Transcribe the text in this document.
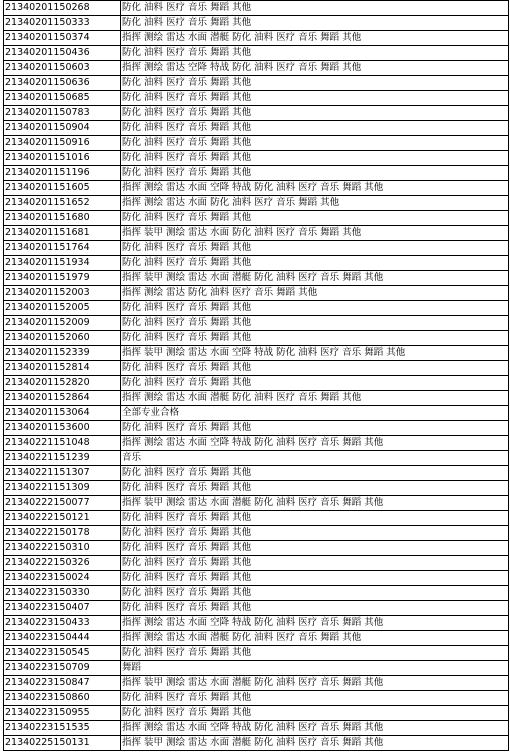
21340201150268	防化 油料 医疗 音乐 舞蹈 其他
21340201150333	防化 油料 医疗 音乐 舞蹈 其他
21340201150374	指挥 测绘 雷达 水面 潜艇 防化 油料 医疗 音乐 舞蹈 其他
21340201150436	防化 油料 医疗 音乐 舞蹈 其他
21340201150603	指挥 测绘 雷达 空降 特战 防化 油料 医疗 音乐 舞蹈 其他
21340201150636	防化 油料 医疗 音乐 舞蹈 其他
21340201150685	防化 油料 医疗 音乐 舞蹈 其他
21340201150783	防化 油料 医疗 音乐 舞蹈 其他
21340201150904	防化 油料 医疗 音乐 舞蹈 其他
21340201150916	防化 油料 医疗 音乐 舞蹈 其他
21340201151016	防化 油料 医疗 音乐 舞蹈 其他
21340201151196	防化 油料 医疗 音乐 舞蹈 其他
21340201151605	指挥 测绘 雷达 水面 空降 特战 防化 油料 医疗 音乐 舞蹈 其他
21340201151652	指挥 测绘 雷达 水面 防化 油料 医疗 音乐 舞蹈 其他
21340201151680	防化 油料 医疗 音乐 舞蹈 其他
21340201151681	指挥 装甲 测绘 雷达 水面 防化 油料 医疗 音乐 舞蹈 其他
21340201151764	防化 油料 医疗 音乐 舞蹈 其他
21340201151934	防化 油料 医疗 音乐 舞蹈 其他
21340201151979	指挥 装甲 测绘 雷达 水面 潜艇 防化 油料 医疗 音乐 舞蹈 其他
21340201152003	指挥 测绘 雷达 防化 油料 医疗 音乐 舞蹈 其他
21340201152005	防化 油料 医疗 音乐 舞蹈 其他
21340201152009	防化 油料 医疗 音乐 舞蹈 其他
21340201152060	防化 油料 医疗 音乐 舞蹈 其他
21340201152339	指挥 装甲 测绘 雷达 水面 空降 特战 防化 油料 医疗 音乐 舞蹈 其他
21340201152814	防化 油料 医疗 音乐 舞蹈 其他
21340201152820	防化 油料 医疗 音乐 舞蹈 其他
21340201152864	指挥 测绘 雷达 水面 潜艇 防化 油料 医疗 音乐 舞蹈 其他
21340201153064	全部专业合格
21340201153600	防化 油料 医疗 音乐 舞蹈 其他
21340221151048	指挥 测绘 雷达 水面 空降 特战 防化 油料 医疗 音乐 舞蹈 其他
21340221151239	音乐
21340221151307	防化 油料 医疗 音乐 舞蹈 其他
21340221151309	防化 油料 医疗 音乐 舞蹈 其他
21340222150077	指挥 装甲 测绘 雷达 水面 潜艇 防化 油料 医疗 音乐 舞蹈 其他
21340222150121	防化 油料 医疗 音乐 舞蹈 其他
21340222150178	防化 油料 医疗 音乐 舞蹈 其他
21340222150310	防化 油料 医疗 音乐 舞蹈 其他
21340222150326	防化 油料 医疗 音乐 舞蹈 其他
21340223150024	防化 油料 医疗 音乐 舞蹈 其他
21340223150330	防化 油料 医疗 音乐 舞蹈 其他
21340223150407	防化 油料 医疗 音乐 舞蹈 其他
21340223150433	指挥 测绘 雷达 水面 空降 特战 防化 油料 医疗 音乐 舞蹈 其他
21340223150444	指挥 测绘 雷达 水面 潜艇 防化 油料 医疗 音乐 舞蹈 其他
21340223150545	防化 油料 医疗 音乐 舞蹈 其他
21340223150709	舞蹈
21340223150847	指挥 装甲 测绘 雷达 水面 潜艇 防化 油料 医疗 音乐 舞蹈 其他
21340223150860	防化 油料 医疗 音乐 舞蹈 其他
21340223150955	防化 油料 医疗 音乐 舞蹈 其他
21340223151535	指挥 测绘 雷达 水面 空降 特战 防化 油料 医疗 音乐 舞蹈 其他
21340225150131	指挥 装甲 测绘 雷达 水面 潜艇 防化 油料 医疗 音乐 舞蹈 其他
